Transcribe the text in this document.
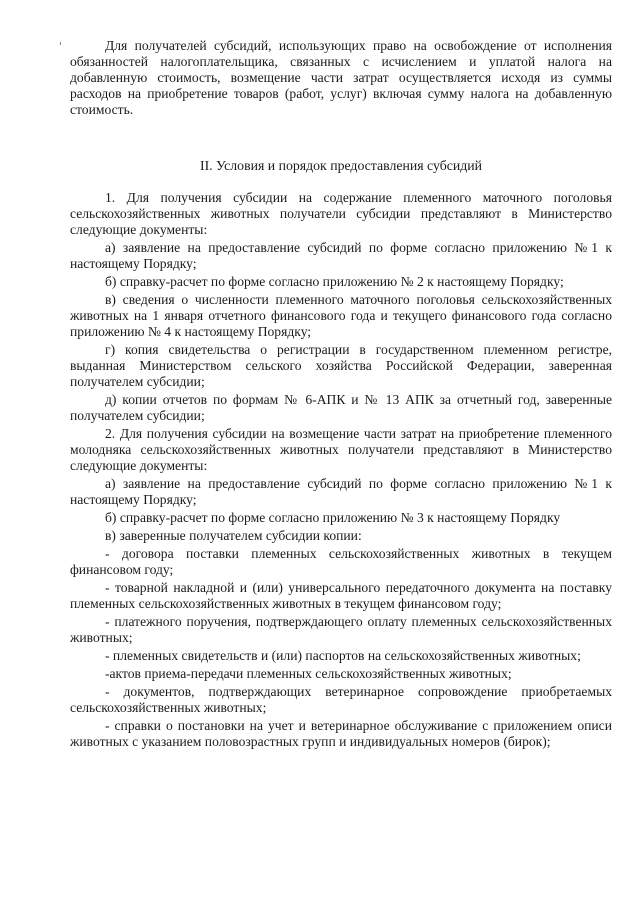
Для получателей субсидий, использующих право на освобождение от исполнения обязанностей налогоплательщика, связанных с исчислением и уплатой налога на добавленную стоимость, возмещение части затрат осуществляется исходя из суммы расходов на приобретение товаров (работ, услуг) включая сумму налога на добавленную стоимость.

II. Условия и порядок предоставления субсидий

1. Для получения субсидии на содержание племенного маточного поголовья сельскохозяйственных животных получатели субсидии представляют в Министерство следующие документы:

а) заявление на предоставление субсидий по форме согласно приложению №1 к настоящему Порядку;

б) справку-расчет по форме согласно приложению № 2 к настоящему Порядку;

в) сведения о численности племенного маточного поголовья сельскохозяйственных животных на 1 января отчетного финансового года и текущего финансового года согласно приложению № 4 к настоящему Порядку;

г) копия свидетельства о регистрации в государственном племенном регистре, выданная Министерством сельского хозяйства Российской Федерации, заверенная получателем субсидии;

д) копии отчетов по формам № 6-АПК и № 13 АПК за отчетный год, заверенные получателем субсидии;

2. Для получения субсидии на возмещение части затрат на приобретение племенного молодняка сельскохозяйственных животных получатели представляют в Министерство следующие документы:

а) заявление на предоставление субсидий по форме согласно приложению №1 к настоящему Порядку;

б) справку-расчет по форме согласно приложению № 3 к настоящему Порядку

в) заверенные получателем субсидии копии:

- договора поставки племенных сельскохозяйственных животных в текущем финансовом году;

- товарной накладной и (или) универсального передаточного документа на поставку племенных сельскохозяйственных животных в текущем финансовом году;

- платежного поручения, подтверждающего оплату племенных сельскохозяйственных животных;

- племенных свидетельств и (или) паспортов на сельскохозяйственных животных;

-актов приема-передачи племенных сельскохозяйственных животных;

- документов, подтверждающих ветеринарное сопровождение приобретаемых сельскохозяйственных животных;

- справки о постановки на учет и ветеринарное обслуживание с приложением описи животных с указанием половозрастных групп и индивидуальных номеров (бирок);
